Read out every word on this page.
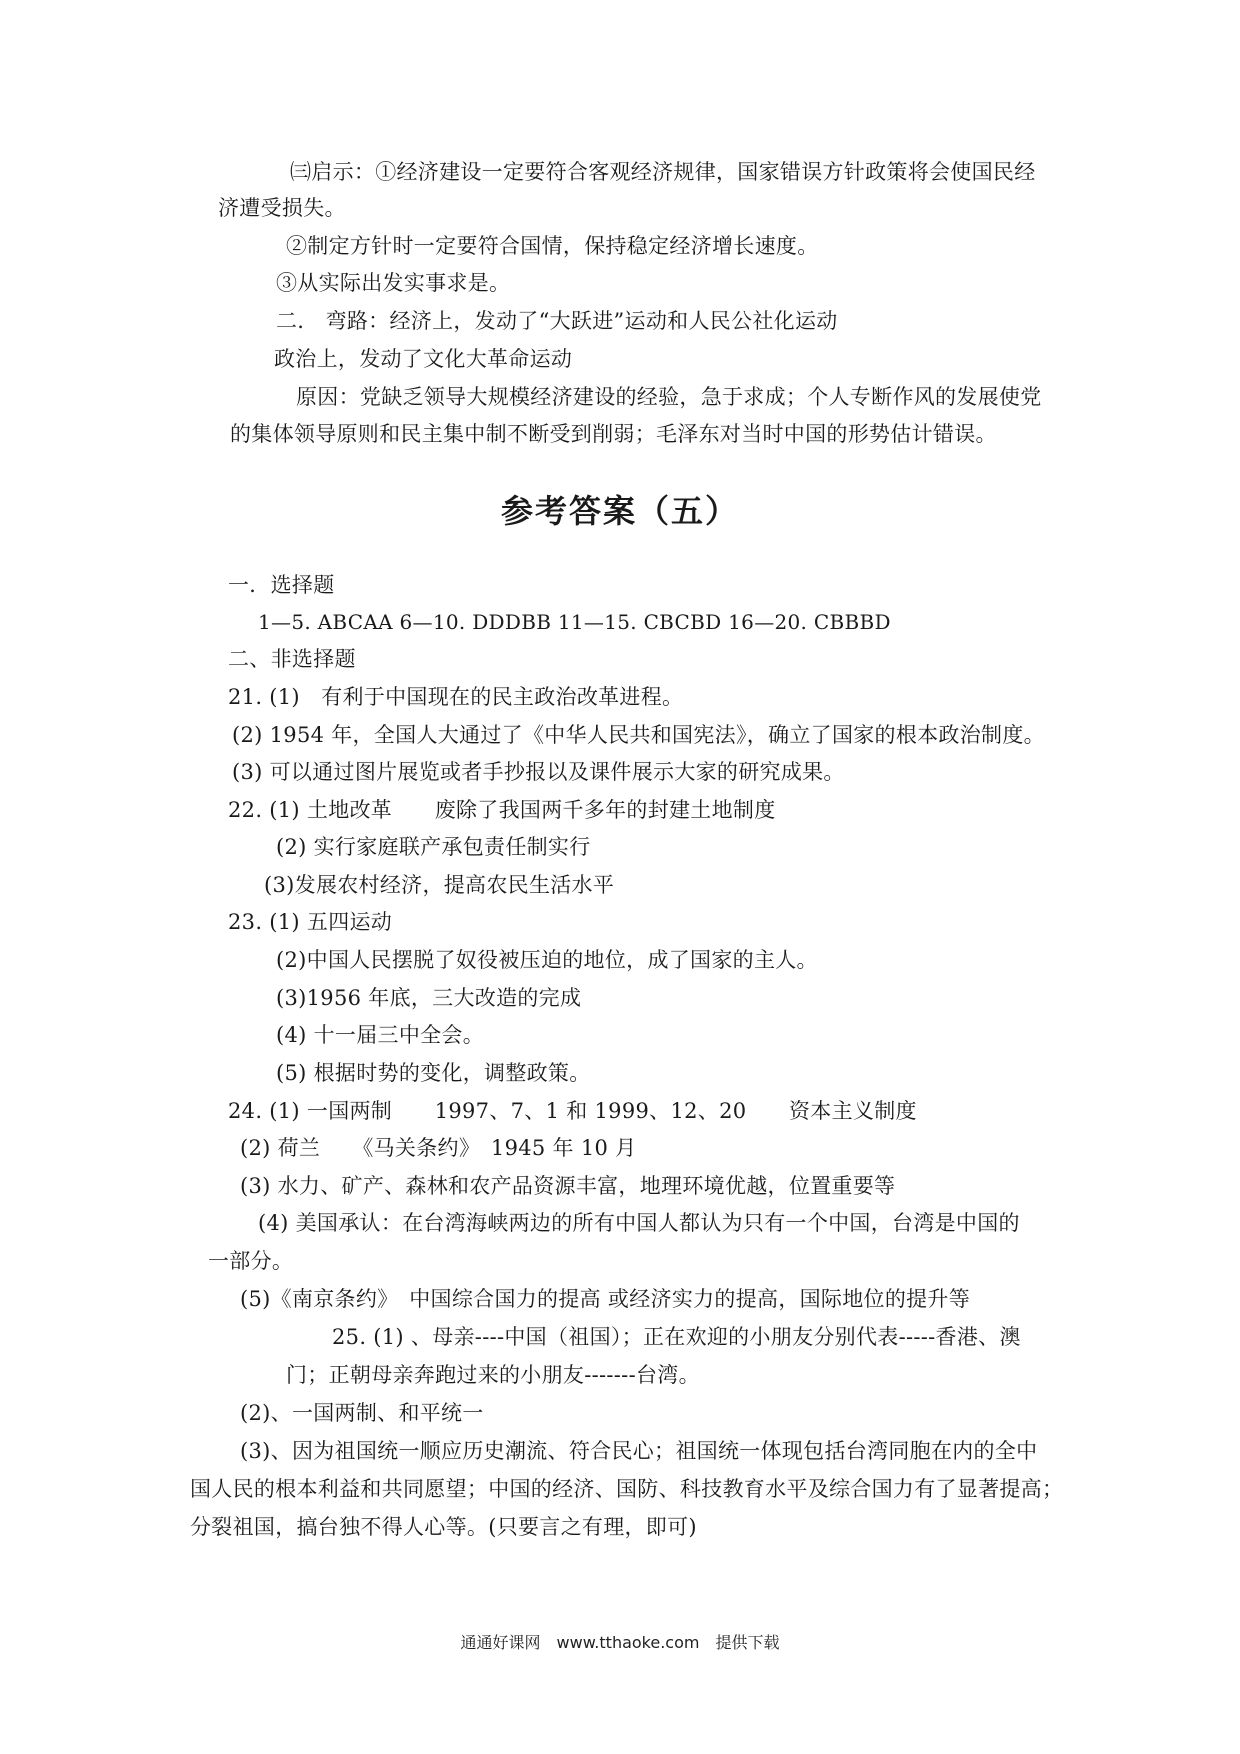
㈢启示：①经济建设一定要符合客观经济规律，国家错误方针政策将会使国民经
济遭受损失。
②制定方针时一定要符合国情，保持稳定经济增长速度。
③从实际出发实事求是。
二.　弯路：经济上，发动了“大跃进”运动和人民公社化运动
政治上，发动了文化大革命运动
原因：党缺乏领导大规模经济建设的经验，急于求成；个人专断作风的发展使党
的集体领导原则和民主集中制不断受到削弱；毛泽东对当时中国的形势估计错误。
参考答案（五）
一．选择题
1—5. ABCAA 6—10. DDDBB 11—15. CBCBD 16—20. CBBBD
二、非选择题
21. (1)　有利于中国现在的民主政治改革进程。
(2) 1954 年，全国人大通过了《中华人民共和国宪法》，确立了国家的根本政治制度。
(3) 可以通过图片展览或者手抄报以及课件展示大家的研究成果。
22. (1) 土地改革　　废除了我国两千多年的封建土地制度
(2) 实行家庭联产承包责任制实行
(3)发展农村经济，提高农民生活水平
23. (1) 五四运动
(2)中国人民摆脱了奴役被压迫的地位，成了国家的主人。
(3)1956 年底，三大改造的完成
(4) 十一届三中全会。
(5) 根据时势的变化，调整政策。
24. (1) 一国两制　　1997、7、1 和 1999、12、20　　资本主义制度
(2) 荷兰　　《马关条约》　1945 年 10 月
(3) 水力、矿产、森林和农产品资源丰富，地理环境优越，位置重要等
(4) 美国承认：在台湾海峡两边的所有中国人都认为只有一个中国，台湾是中国的
一部分。
(5)《南京条约》　中国综合国力的提高 或经济实力的提高，国际地位的提升等
25. (1) 、母亲----中国（祖国）；正在欢迎的小朋友分别代表-----香港、澳
门；正朝母亲奔跑过来的小朋友-------台湾。
(2)、一国两制、和平统一
(3)、因为祖国统一顺应历史潮流、符合民心；祖国统一体现包括台湾同胞在内的全中
国人民的根本利益和共同愿望；中国的经济、国防、科技教育水平及综合国力有了显著提高；
分裂祖国，搞台独不得人心等。(只要言之有理，即可)
通通好课网　www.tthaoke.com　提供下载
